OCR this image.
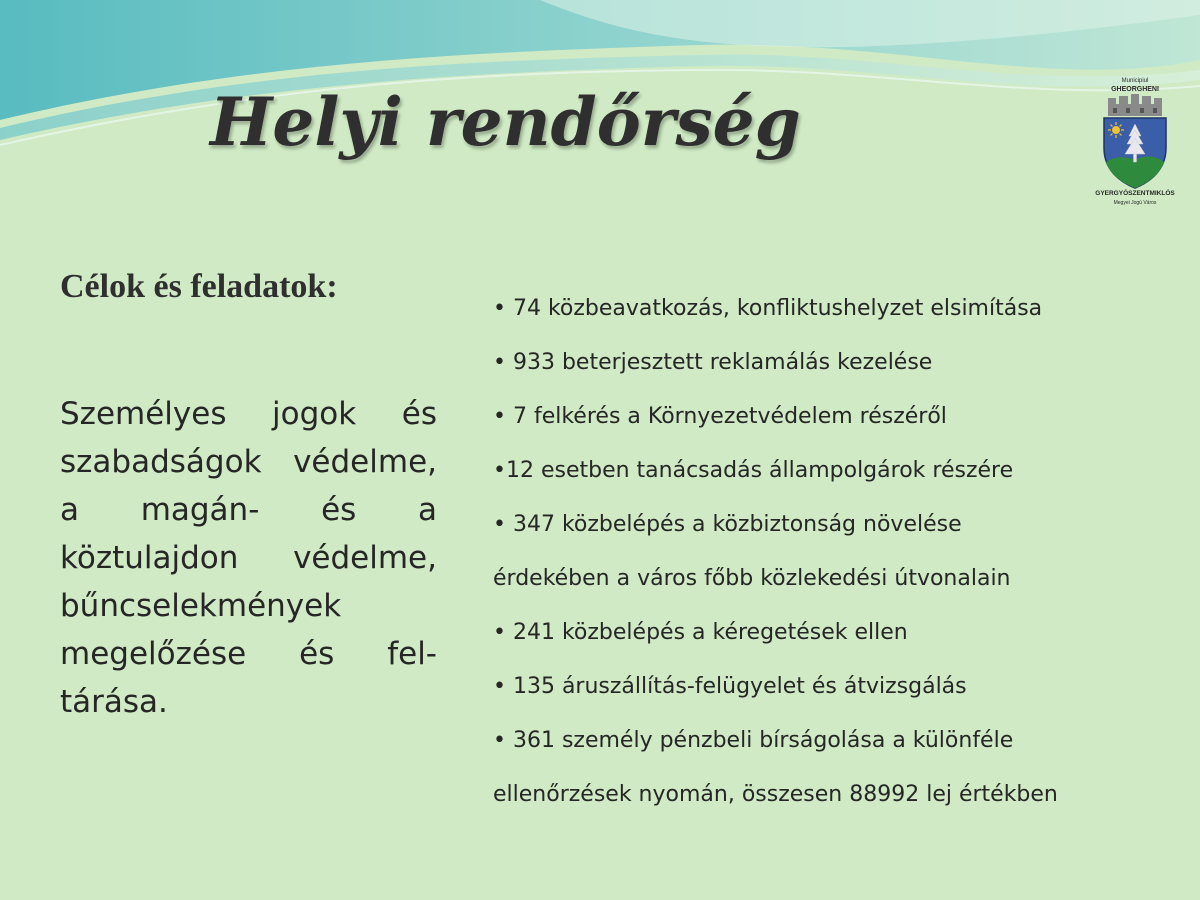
Helyi rendőrség
Municipiul
GHEORGHENI
GYERGYÓSZENTMIKLÓS
Megyei Jogú Város
Célok és feladatok:

Személyes jogok és szabadságok védelme, a magán- és a köztulajdon védelme, bűncselekmények megelőzése és fel-tárása.

• 74 közbeavatkozás, konfliktushelyzet elsimítása
• 933 beterjesztett reklamálás kezelése
• 7 felkérés a Környezetvédelem részéről
•12 esetben tanácsadás állampolgárok részére
• 347 közbelépés a közbiztonság növelése
érdekében a város főbb közlekedési útvonalain
• 241 közbelépés a kéregetések ellen
• 135 áruszállítás-felügyelet és átvizsgálás
• 361 személy pénzbeli bírságolása a különféle
ellenőrzések nyomán, összesen 88992 lej értékben
